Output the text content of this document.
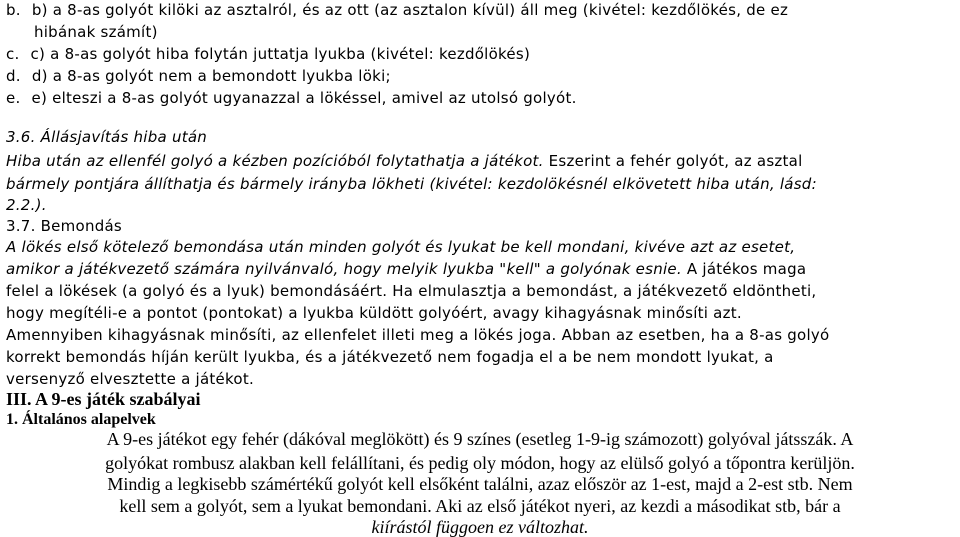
b. b) a 8-as golyót kilöki az asztalról, és az ott (az asztalon kívül) áll meg (kivétel: kezdőlökés, de ez
hibának számít)
c. c) a 8-as golyót hiba folytán juttatja lyukba (kivétel: kezdőlökés)
d. d) a 8-as golyót nem a bemondott lyukba löki;
e. e) elteszi a 8-as golyót ugyanazzal a lökéssel, amivel az utolsó golyót.
3.6. Állásjavítás hiba után
Hiba után az ellenfél golyó a kézben pozícióból folytathatja a játékot. Eszerint a fehér golyót, az asztal
bármely pontjára állíthatja és bármely irányba lökheti (kivétel: kezdolökésnél elkövetett hiba után, lásd:
2.2.).
3.7. Bemondás
A lökés első kötelező bemondása után minden golyót és lyukat be kell mondani, kivéve azt az esetet,
amikor a játékvezető számára nyilvánvaló, hogy melyik lyukba "kell" a golyónak esnie. A játékos maga
felel a lökések (a golyó és a lyuk) bemondásáért. Ha elmulasztja a bemondást, a játékvezető eldöntheti,
hogy megítéli-e a pontot (pontokat) a lyukba küldött golyóért, avagy kihagyásnak minősíti azt.
Amennyiben kihagyásnak minősíti, az ellenfelet illeti meg a lökés joga. Abban az esetben, ha a 8-as golyó
korrekt bemondás híján került lyukba, és a játékvezető nem fogadja el a be nem mondott lyukat, a
versenyző elvesztette a játékot.
III. A 9-es játék szabályai
1. Általános alapelvek
A 9-es játékot egy fehér (dákóval meglökött) és 9 színes (esetleg 1-9-ig számozott) golyóval játsszák. A
golyókat rombusz alakban kell felállítani, és pedig oly módon, hogy az elülső golyó a tőpontra kerüljön.
Mindig a legkisebb számértékű golyót kell elsőként találni, azaz először az 1-est, majd a 2-est stb. Nem
kell sem a golyót, sem a lyukat bemondani. Aki az első játékot nyeri, az kezdi a másodikat stb, bár a
kiírástól függoen ez változhat.
